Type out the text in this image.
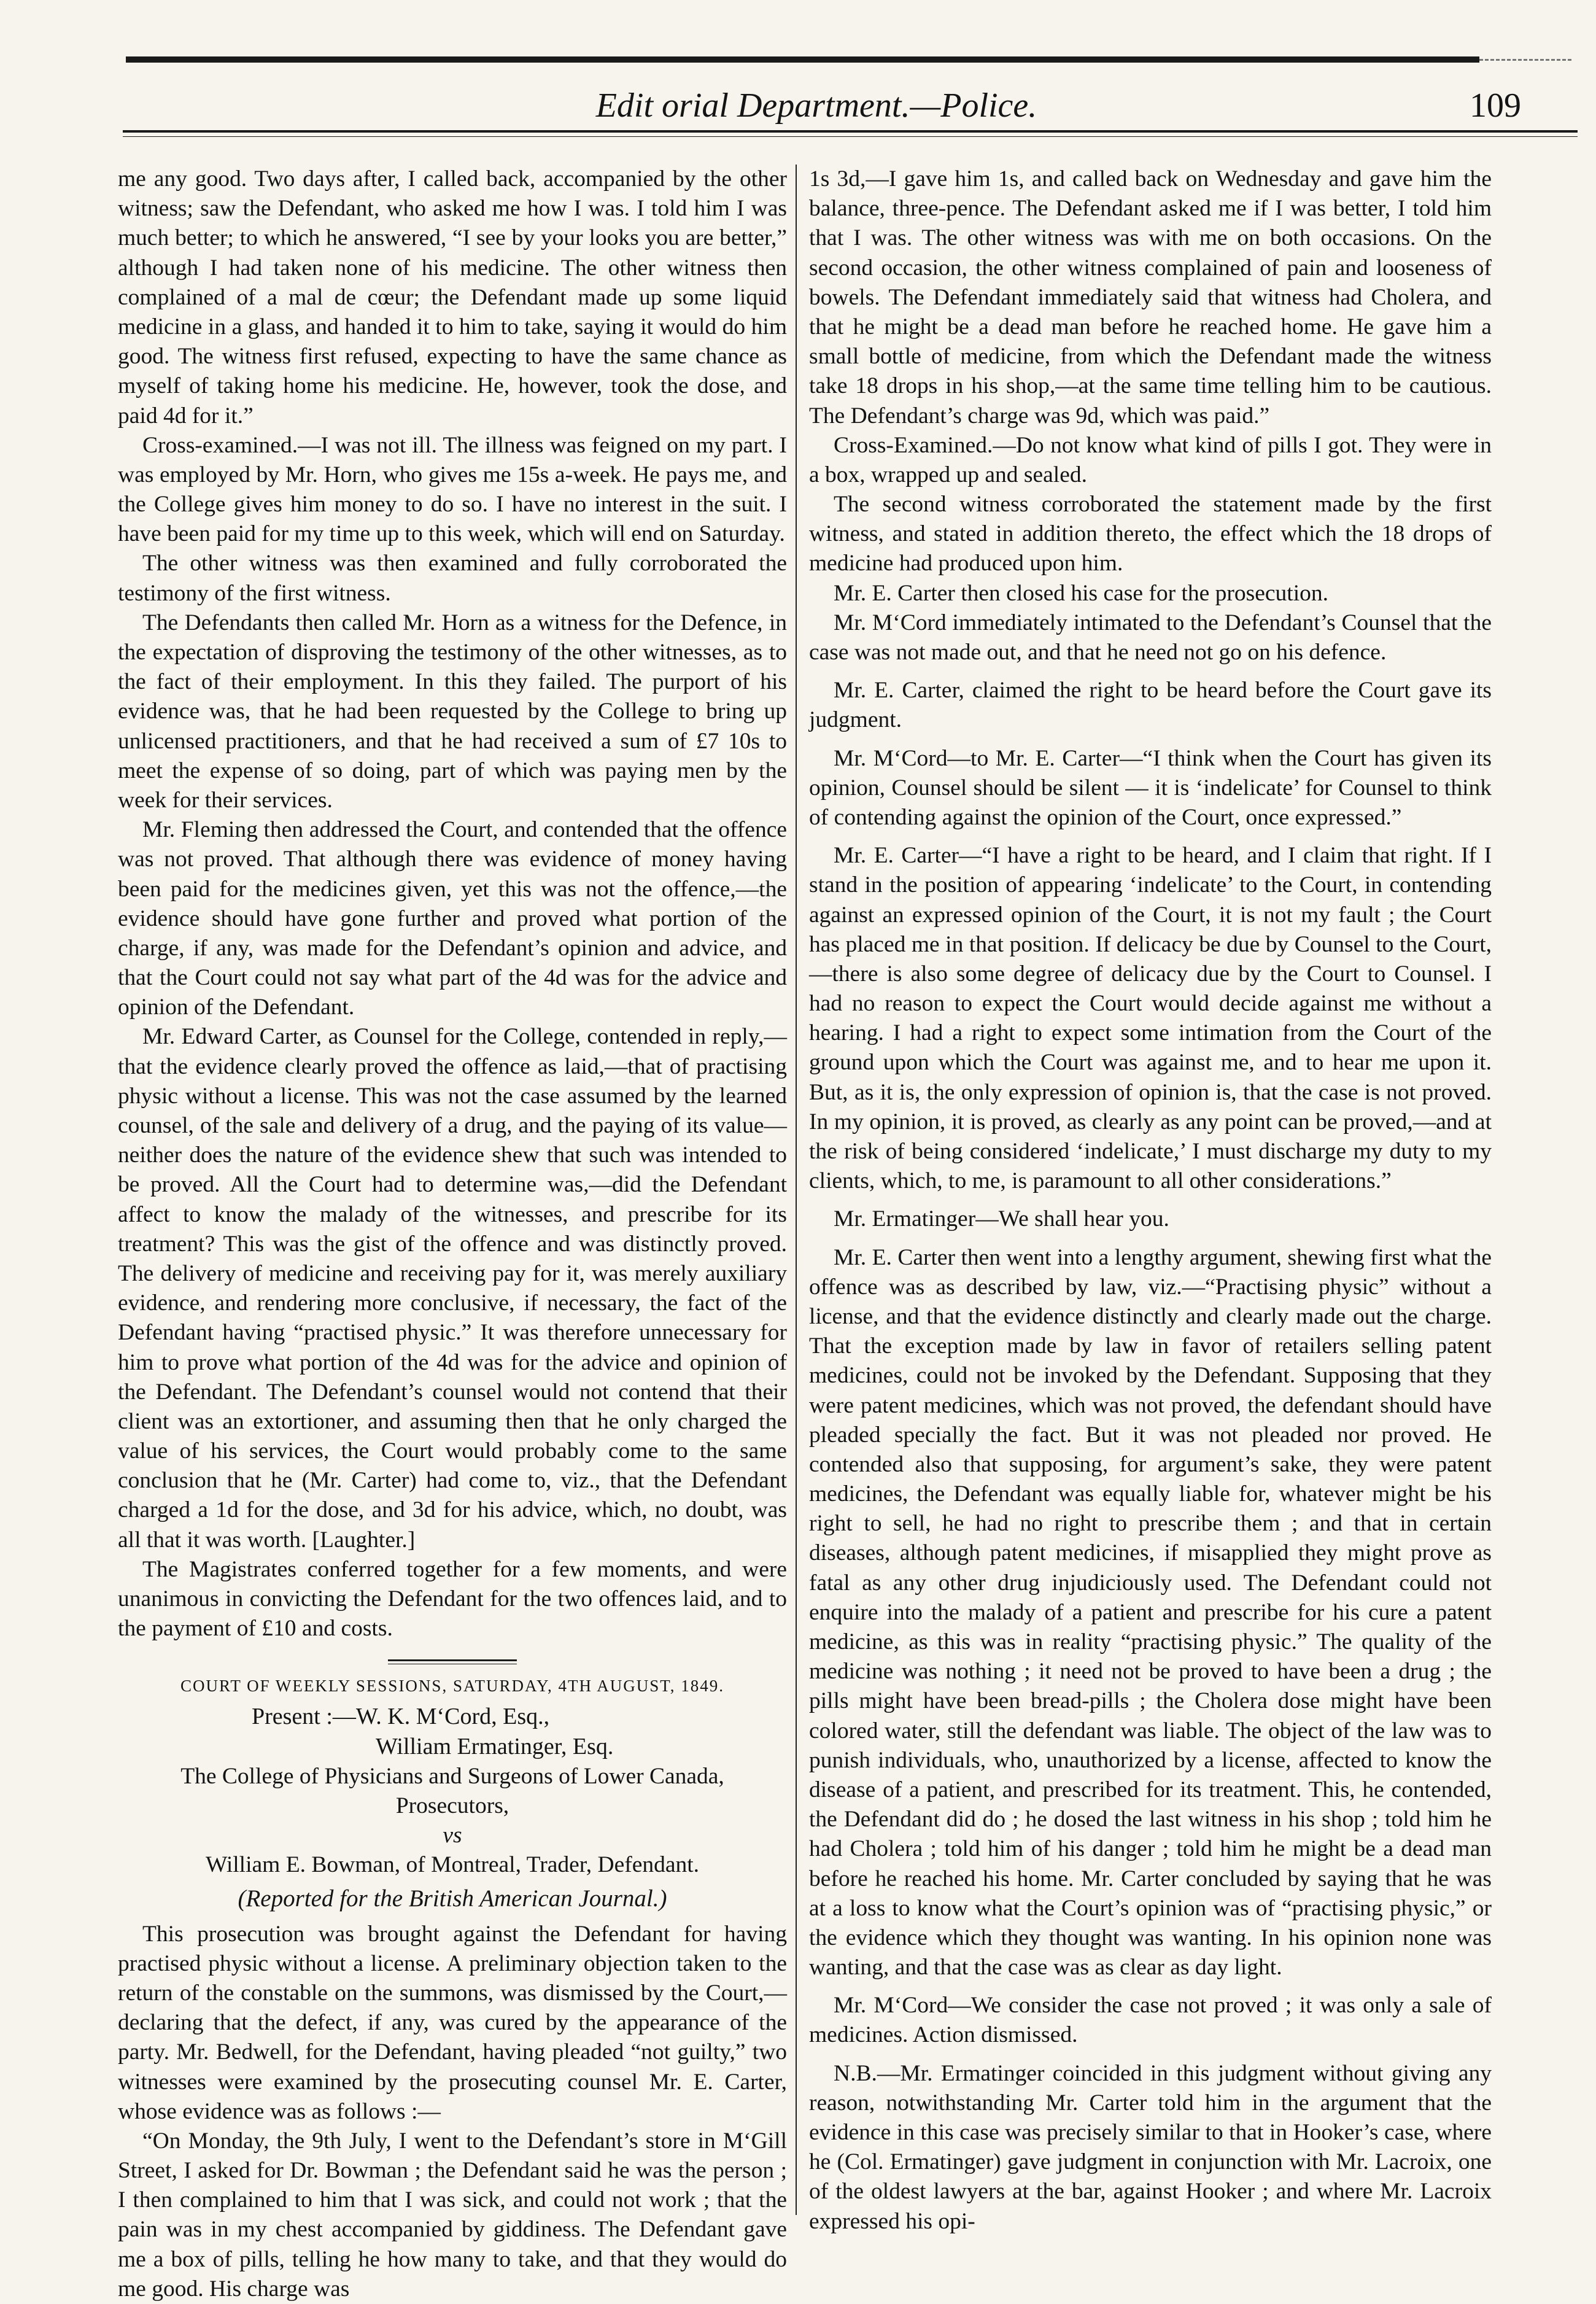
Edit orial Department.—Police.	109

me any good. Two days after, I called back, accompanied by the other witness; saw the Defendant, who asked me how I was. I told him I was much better; to which he answered, “I see by your looks you are better,” although I had taken none of his medicine. The other witness then complained of a mal de cœur; the Defendant made up some liquid medicine in a glass, and handed it to him to take, saying it would do him good. The witness first refused, expecting to have the same chance as myself of taking home his medicine. He, however, took the dose, and paid 4d for it.”

Cross-examined.—I was not ill. The illness was feigned on my part. I was employed by Mr. Horn, who gives me 15s a-week. He pays me, and the College gives him money to do so. I have no interest in the suit. I have been paid for my time up to this week, which will end on Saturday.

The other witness was then examined and fully corroborated the testimony of the first witness.

The Defendants then called Mr. Horn as a witness for the Defence, in the expectation of disproving the testimony of the other witnesses, as to the fact of their employment. In this they failed. The purport of his evidence was, that he had been requested by the College to bring up unlicensed practitioners, and that he had received a sum of £7 10s to meet the expense of so doing, part of which was paying men by the week for their services.

Mr. Fleming then addressed the Court, and contended that the offence was not proved. That although there was evidence of money having been paid for the medicines given, yet this was not the offence,—the evidence should have gone further and proved what portion of the charge, if any, was made for the Defendant’s opinion and advice, and that the Court could not say what part of the 4d was for the advice and opinion of the Defendant.

Mr. Edward Carter, as Counsel for the College, contended in reply,—that the evidence clearly proved the offence as laid,—that of practising physic without a license. This was not the case assumed by the learned counsel, of the sale and delivery of a drug, and the paying of its value—neither does the nature of the evidence shew that such was intended to be proved. All the Court had to determine was,—did the Defendant affect to know the malady of the witnesses, and prescribe for its treatment? This was the gist of the offence and was distinctly proved. The delivery of medicine and receiving pay for it, was merely auxiliary evidence, and rendering more conclusive, if necessary, the fact of the Defendant having “practised physic.” It was therefore unnecessary for him to prove what portion of the 4d was for the advice and opinion of the Defendant. The Defendant’s counsel would not contend that their client was an extortioner, and assuming then that he only charged the value of his services, the Court would probably come to the same conclusion that he (Mr. Carter) had come to, viz., that the Defendant charged a 1d for the dose, and 3d for his advice, which, no doubt, was all that it was worth. [Laughter.]

The Magistrates conferred together for a few moments, and were unanimous in convicting the Defendant for the two offences laid, and to the payment of £10 and costs.

COURT OF WEEKLY SESSIONS, SATURDAY, 4TH AUGUST, 1849.

Present :—W. K. M‘Cord, Esq.,

William Ermatinger, Esq.

The College of Physicians and Surgeons of Lower Canada,

Prosecutors,

vs

William E. Bowman, of Montreal, Trader, Defendant.

(Reported for the British American Journal.)

This prosecution was brought against the Defendant for having practised physic without a license. A preliminary objection taken to the return of the constable on the summons, was dismissed by the Court,—declaring that the defect, if any, was cured by the appearance of the party. Mr. Bedwell, for the Defendant, having pleaded “not guilty,” two witnesses were examined by the prosecuting counsel Mr. E. Carter, whose evidence was as follows :—

“On Monday, the 9th July, I went to the Defendant’s store in M‘Gill Street, I asked for Dr. Bowman ; the Defendant said he was the person ; I then complained to him that I was sick, and could not work ; that the pain was in my chest accompanied by giddiness. The Defendant gave me a box of pills, telling he how many to take, and that they would do me good. His charge was

1s 3d,—I gave him 1s, and called back on Wednesday and gave him the balance, three-pence. The Defendant asked me if I was better, I told him that I was. The other witness was with me on both occasions. On the second occasion, the other witness complained of pain and looseness of bowels. The Defendant immediately said that witness had Cholera, and that he might be a dead man before he reached home. He gave him a small bottle of medicine, from which the Defendant made the witness take 18 drops in his shop,—at the same time telling him to be cautious. The Defendant’s charge was 9d, which was paid.”

Cross-Examined.—Do not know what kind of pills I got. They were in a box, wrapped up and sealed.

The second witness corroborated the statement made by the first witness, and stated in addition thereto, the effect which the 18 drops of medicine had produced upon him.

Mr. E. Carter then closed his case for the prosecution.

Mr. M‘Cord immediately intimated to the Defendant’s Counsel that the case was not made out, and that he need not go on his defence.

Mr. E. Carter, claimed the right to be heard before the Court gave its judgment.

Mr. M‘Cord—to Mr. E. Carter—“I think when the Court has given its opinion, Counsel should be silent — it is ‘indelicate’ for Counsel to think of contending against the opinion of the Court, once expressed.”

Mr. E. Carter—“I have a right to be heard, and I claim that right. If I stand in the position of appearing ‘indelicate’ to the Court, in contending against an expressed opinion of the Court, it is not my fault ; the Court has placed me in that position. If delicacy be due by Counsel to the Court,—there is also some degree of delicacy due by the Court to Counsel. I had no reason to expect the Court would decide against me without a hearing. I had a right to expect some intimation from the Court of the ground upon which the Court was against me, and to hear me upon it. But, as it is, the only expression of opinion is, that the case is not proved. In my opinion, it is proved, as clearly as any point can be proved,—and at the risk of being considered ‘indelicate,’ I must discharge my duty to my clients, which, to me, is paramount to all other considerations.”

Mr. Ermatinger—We shall hear you.

Mr. E. Carter then went into a lengthy argument, shewing first what the offence was as described by law, viz.—“Practising physic” without a license, and that the evidence distinctly and clearly made out the charge. That the exception made by law in favor of retailers selling patent medicines, could not be invoked by the Defendant. Supposing that they were patent medicines, which was not proved, the defendant should have pleaded specially the fact. But it was not pleaded nor proved. He contended also that supposing, for argument’s sake, they were patent medicines, the Defendant was equally liable for, whatever might be his right to sell, he had no right to prescribe them ; and that in certain diseases, although patent medicines, if misapplied they might prove as fatal as any other drug injudiciously used. The Defendant could not enquire into the malady of a patient and prescribe for his cure a patent medicine, as this was in reality “practising physic.” The quality of the medicine was nothing ; it need not be proved to have been a drug ; the pills might have been bread-pills ; the Cholera dose might have been colored water, still the defendant was liable. The object of the law was to punish individuals, who, unauthorized by a license, affected to know the disease of a patient, and prescribed for its treatment. This, he contended, the Defendant did do ; he dosed the last witness in his shop ; told him he had Cholera ; told him of his danger ; told him he might be a dead man before he reached his home. Mr. Carter concluded by saying that he was at a loss to know what the Court’s opinion was of “practising physic,” or the evidence which they thought was wanting. In his opinion none was wanting, and that the case was as clear as day light.

Mr. M‘Cord—We consider the case not proved ; it was only a sale of medicines. Action dismissed.

N.B.—Mr. Ermatinger coincided in this judgment without giving any reason, notwithstanding Mr. Carter told him in the argument that the evidence in this case was precisely similar to that in Hooker’s case, where he (Col. Ermatinger) gave judgment in conjunction with Mr. Lacroix, one of the oldest lawyers at the bar, against Hooker ; and where Mr. Lacroix expressed his opi-
